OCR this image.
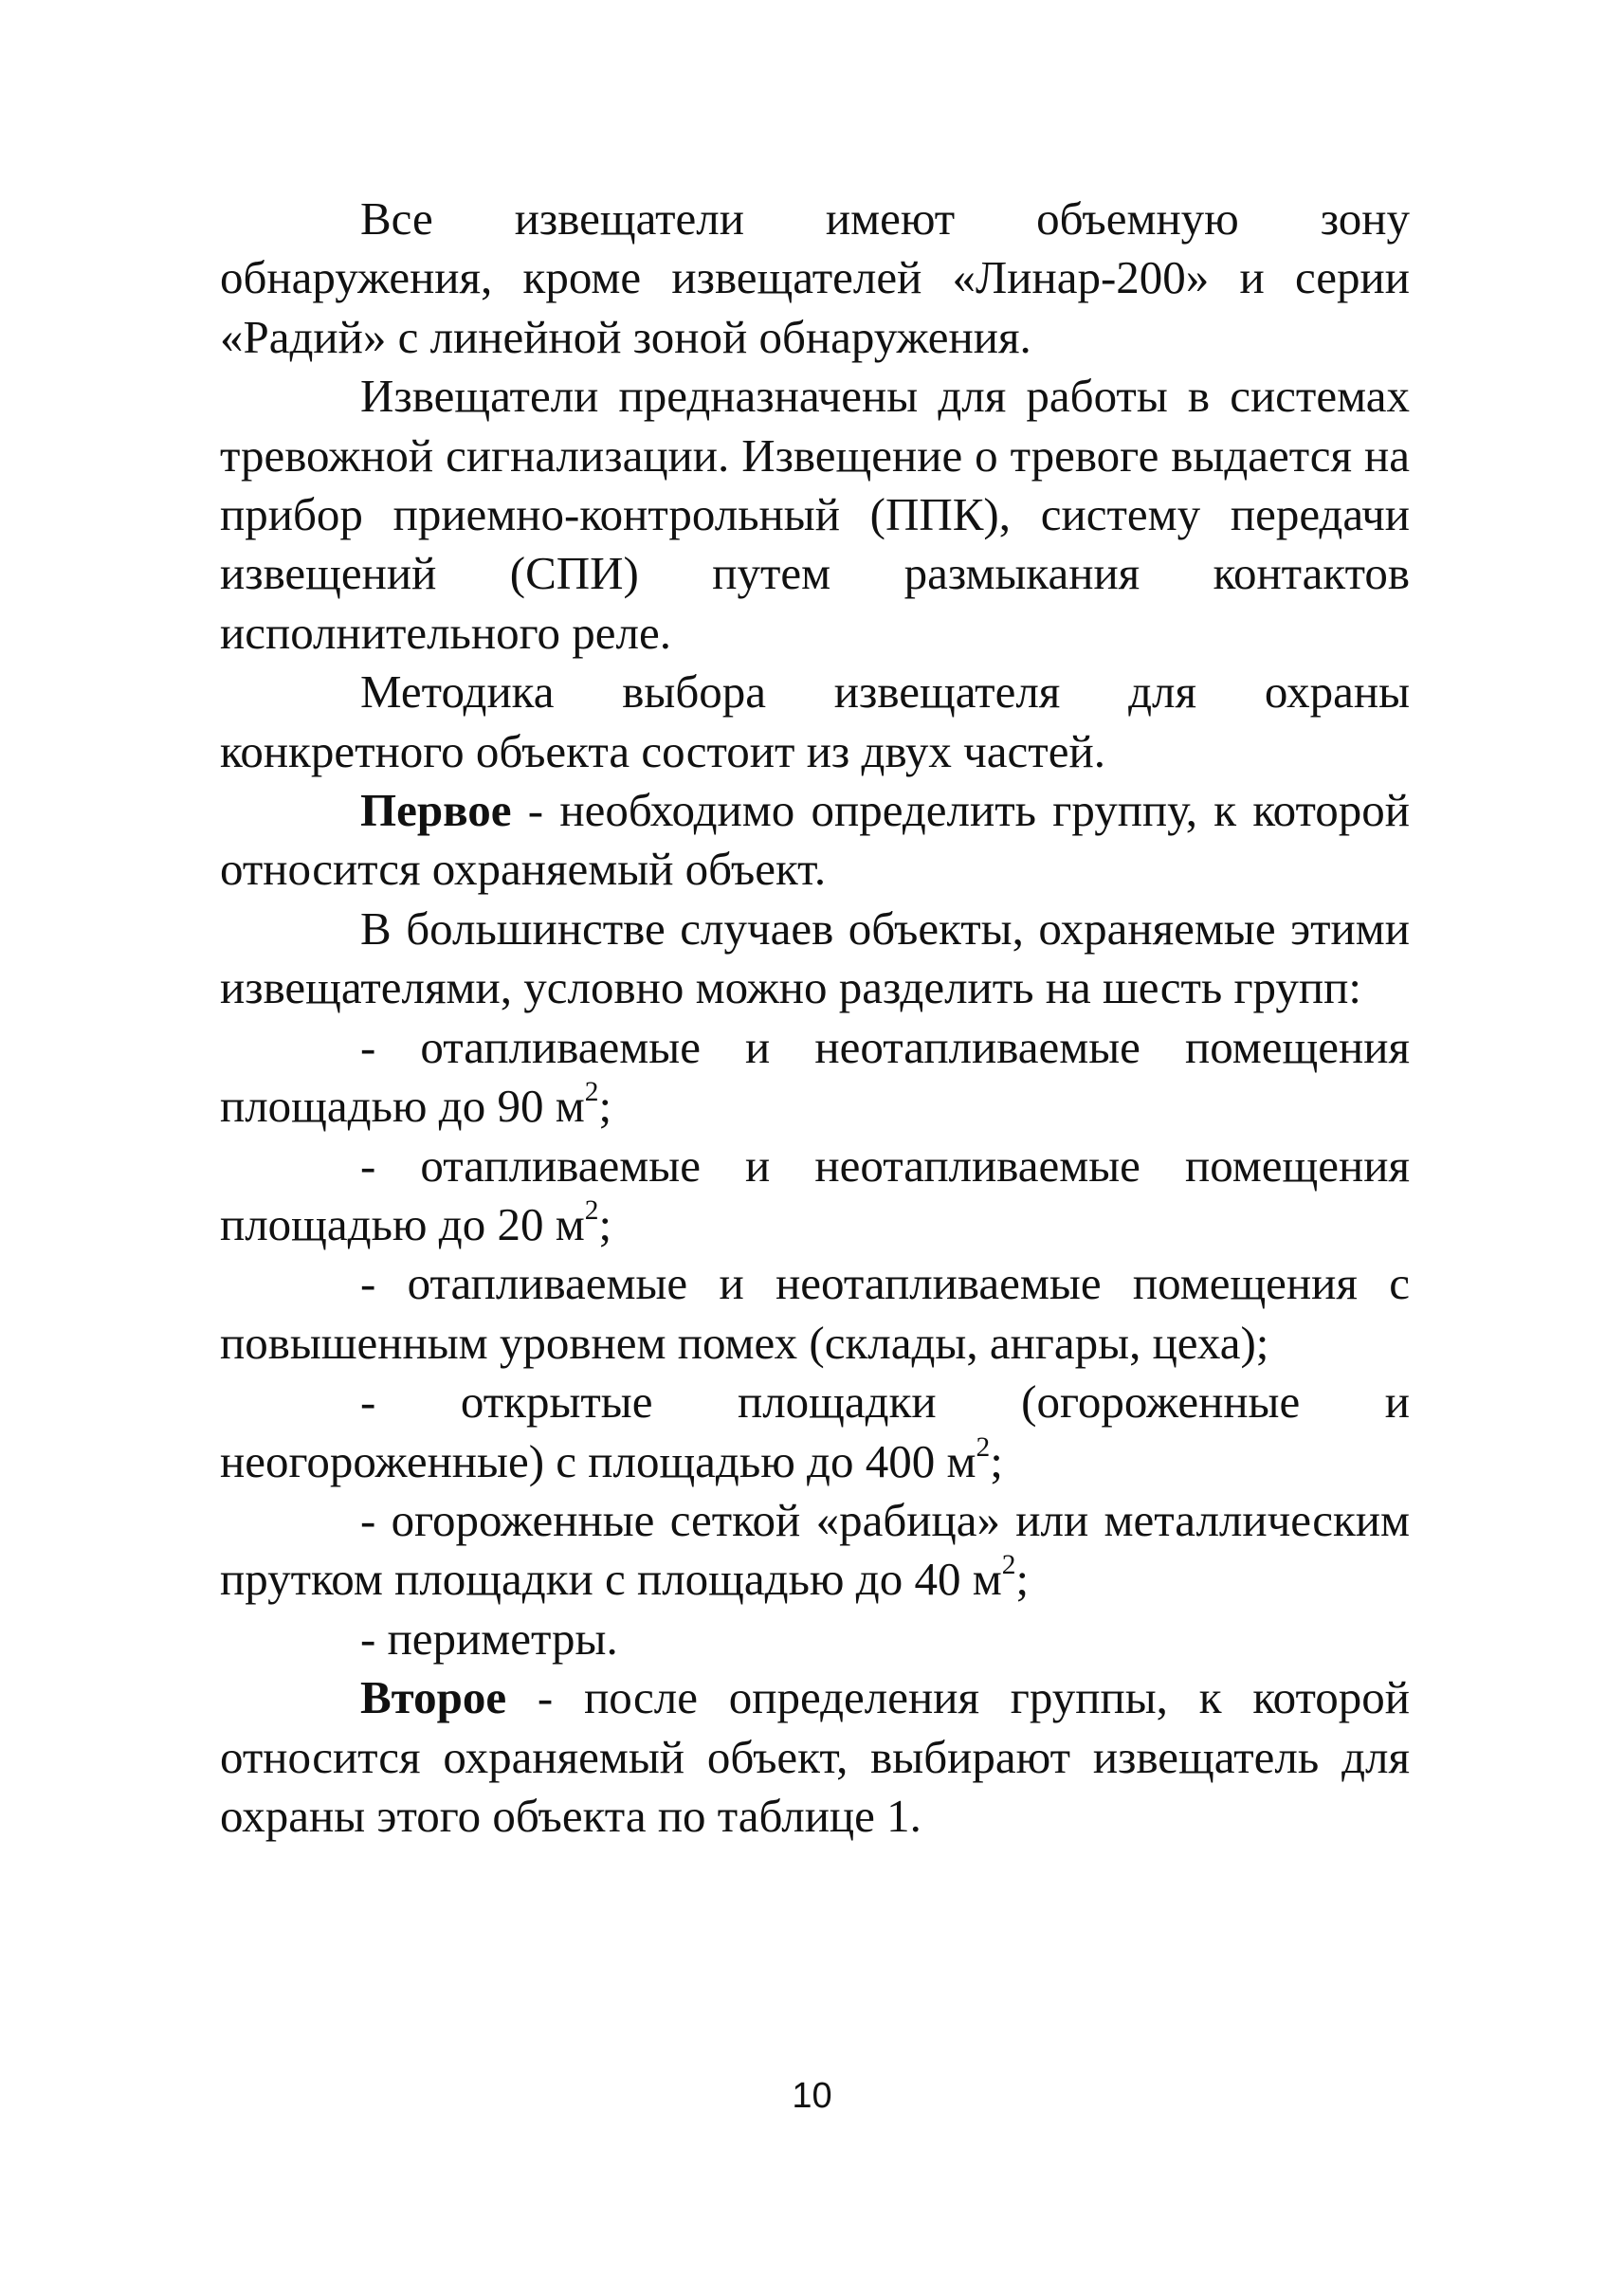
Все извещатели имеют объемную зону обнаружения, кроме извещателей «Линар-200» и серии «Радий» с линейной зоной обнаружения.

Извещатели предназначены для работы в системах тревожной сигнализации. Извещение о тревоге выдается на прибор приемно-контрольный (ППК), систему передачи извещений (СПИ) путем размыкания контактов исполнительного реле.

Методика выбора извещателя для охраны конкретного объекта состоит из двух частей.

Первое - необходимо определить группу, к которой относится охраняемый объект.

В большинстве случаев объекты, охраняемые этими извещателями, условно можно разделить на шесть групп:

- отапливаемые и неотапливаемые помещения площадью до 90 $м^2$;

- отапливаемые и неотапливаемые помещения площадью до 20 $м^2$;

- отапливаемые и неотапливаемые помещения с повышенным уровнем помех (склады, ангары, цеха);

- открытые площадки (огороженные и неогороженные) с площадью до 400 $м^2$;

- огороженные сеткой «рабица» или металлическим прутком площадки с площадью до 40 $м^2$;

- периметры.

Второе - после определения группы, к которой относится охраняемый объект, выбирают извещатель для охраны этого объекта по таблице 1.

10
